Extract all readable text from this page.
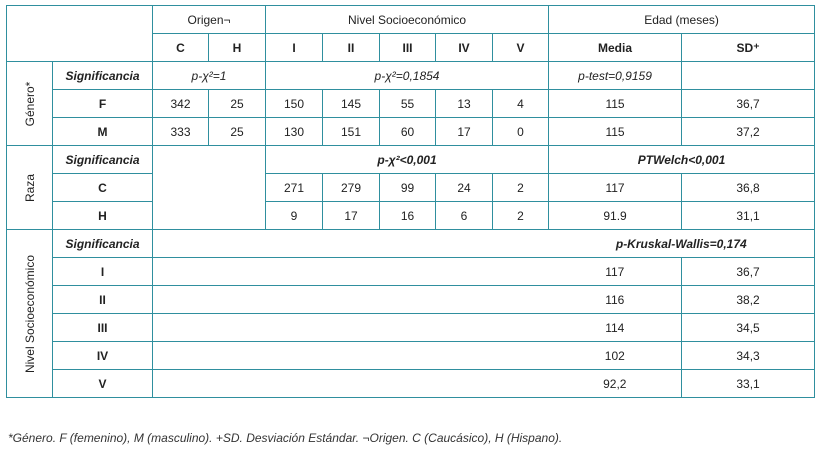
		Origen¬		Nivel Socioeconómico					Edad (meses)	
		C	H	I	II	III	IV	V	Media	SD⁺

Género*	Significancia	p-χ²=1		p-χ²=0,1854					p-test=0,9159	
	F	342	25	150	145	55	13	4	115	36,7
	M	333	25	130	151	60	17	0	115	37,2

Raza	Significancia			p-χ²<0,001					PTWelch<0,001	
	C			271	279	99	24	2	117	36,8
	H			9	17	16	6	2	91.9	31,1

Nivel Socioeconómico	Significancia								p-Kruskal-Wallis=0,174	
	I								117	36,7
	II								116	38,2
	III								114	34,5
	IV								102	34,3
	V								92,2	33,1
*Género. F (femenino), M (masculino). +SD. Desviación Estándar. ¬Origen. C (Caucásico), H (Hispano).
